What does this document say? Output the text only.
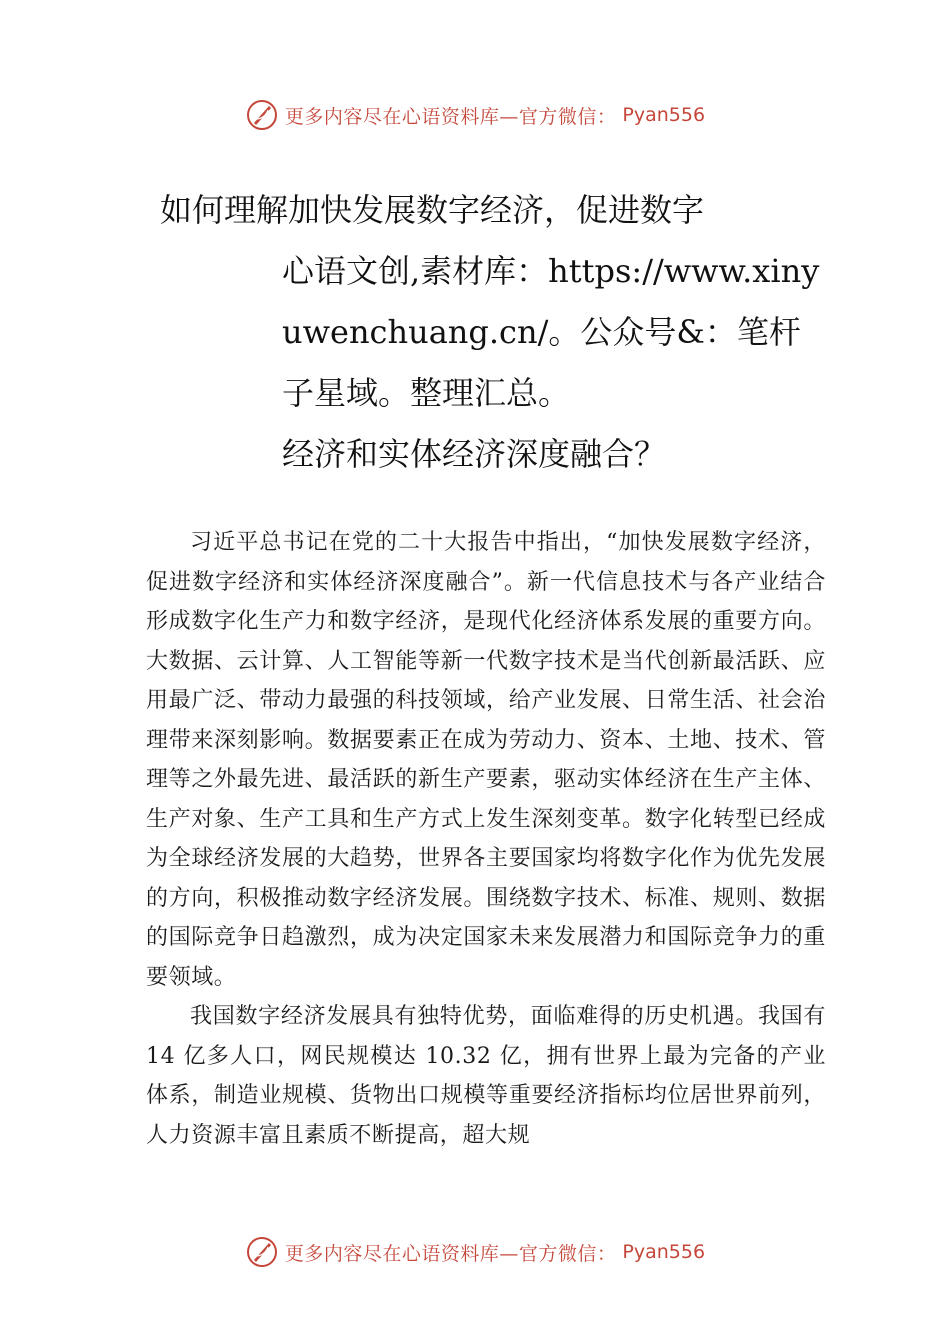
更多内容尽在心语资料库—官方微信： Pyan556
如何理解加快发展数字经济，促进数字
心语文创,素材库：https://www.xinyuwenchuang.cn/。公众号&：笔杆子星域。整理汇总。
经济和实体经济深度融合？

习近平总书记在党的二十大报告中指出，“加快发展数字经济，促进数字经济和实体经济深度融合”。新一代信息技术与各产业结合形成数字化生产力和数字经济，是现代化经济体系发展的重要方向。大数据、云计算、人工智能等新一代数字技术是当代创新最活跃、应用最广泛、带动力最强的科技领域，给产业发展、日常生活、社会治理带来深刻影响。数据要素正在成为劳动力、资本、土地、技术、管理等之外最先进、最活跃的新生产要素，驱动实体经济在生产主体、 生产对象、生产工具和生产方式上发生深刻变革。数字化转型已经成为全球经济发展的大趋势，世界各主要国家均将数字化作为优先发展的方向，积极推动数字经济发展。围绕数字技术、标准、规则、数据的国际竞争日趋激烈，成为决定国家未来发展潜力和国际竞争力的重要领域。

我国数字经济发展具有独特优势，面临难得的历史机遇。我国有 14 亿多人口，网民规模达 10.32 亿，拥有世界上最为完备的产业体系，制造业规模、货物出口规模等重要经济指标均位居世界前列，人力资源丰富且素质不断提高，超大规

更多内容尽在心语资料库—官方微信： Pyan556
